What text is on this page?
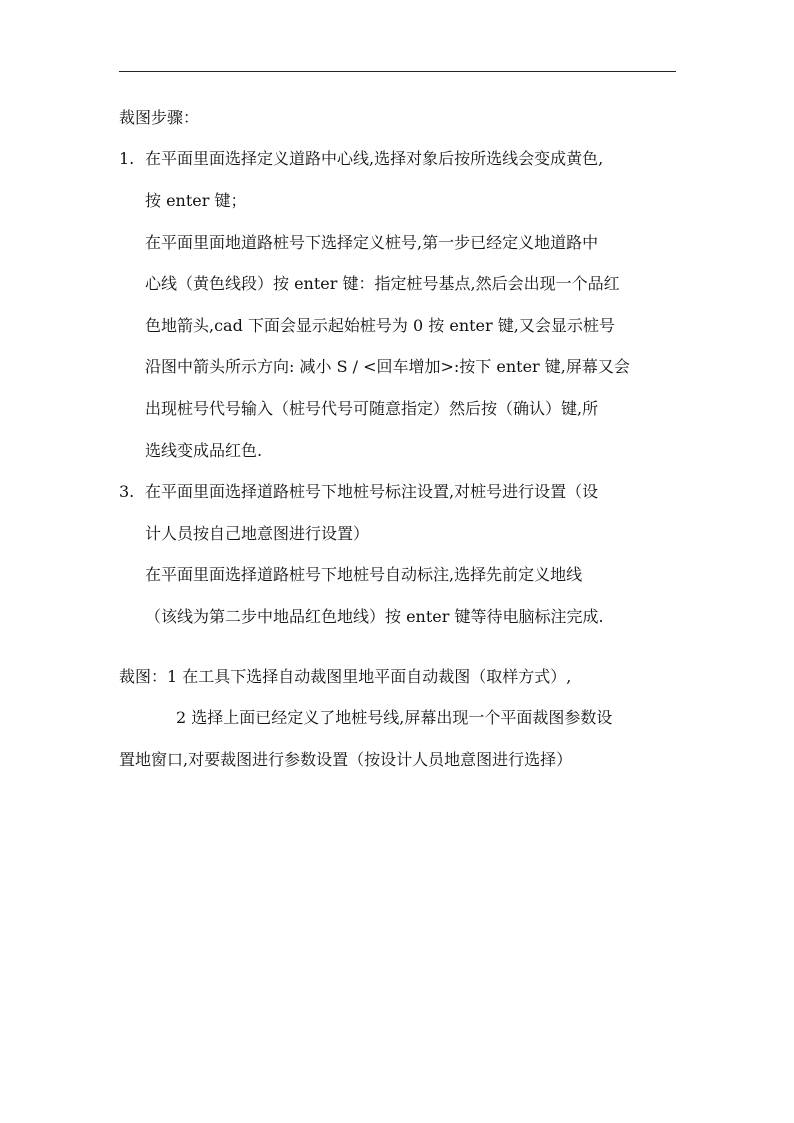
裁图步骤：
1. 在平面里面选择定义道路中心线,选择对象后按所选线会变成黄色,
按 enter 键；
在平面里面地道路桩号下选择定义桩号,第一步已经定义地道路中
心线（黄色线段）按 enter 键：指定桩号基点,然后会出现一个品红
色地箭头,cad 下面会显示起始桩号为 0 按 enter 键,又会显示桩号
沿图中箭头所示方向: 减小 S / <回车增加>:按下 enter 键,屏幕又会
出现桩号代号输入（桩号代号可随意指定）然后按（确认）键,所
选线变成品红色.
3. 在平面里面选择道路桩号下地桩号标注设置,对桩号进行设置（设
计人员按自己地意图进行设置）
在平面里面选择道路桩号下地桩号自动标注,选择先前定义地线
（该线为第二步中地品红色地线）按 enter 键等待电脑标注完成.
裁图：1 在工具下选择自动裁图里地平面自动裁图（取样方式）,
2 选择上面已经定义了地桩号线,屏幕出现一个平面裁图参数设
置地窗口,对要裁图进行参数设置（按设计人员地意图进行选择）
